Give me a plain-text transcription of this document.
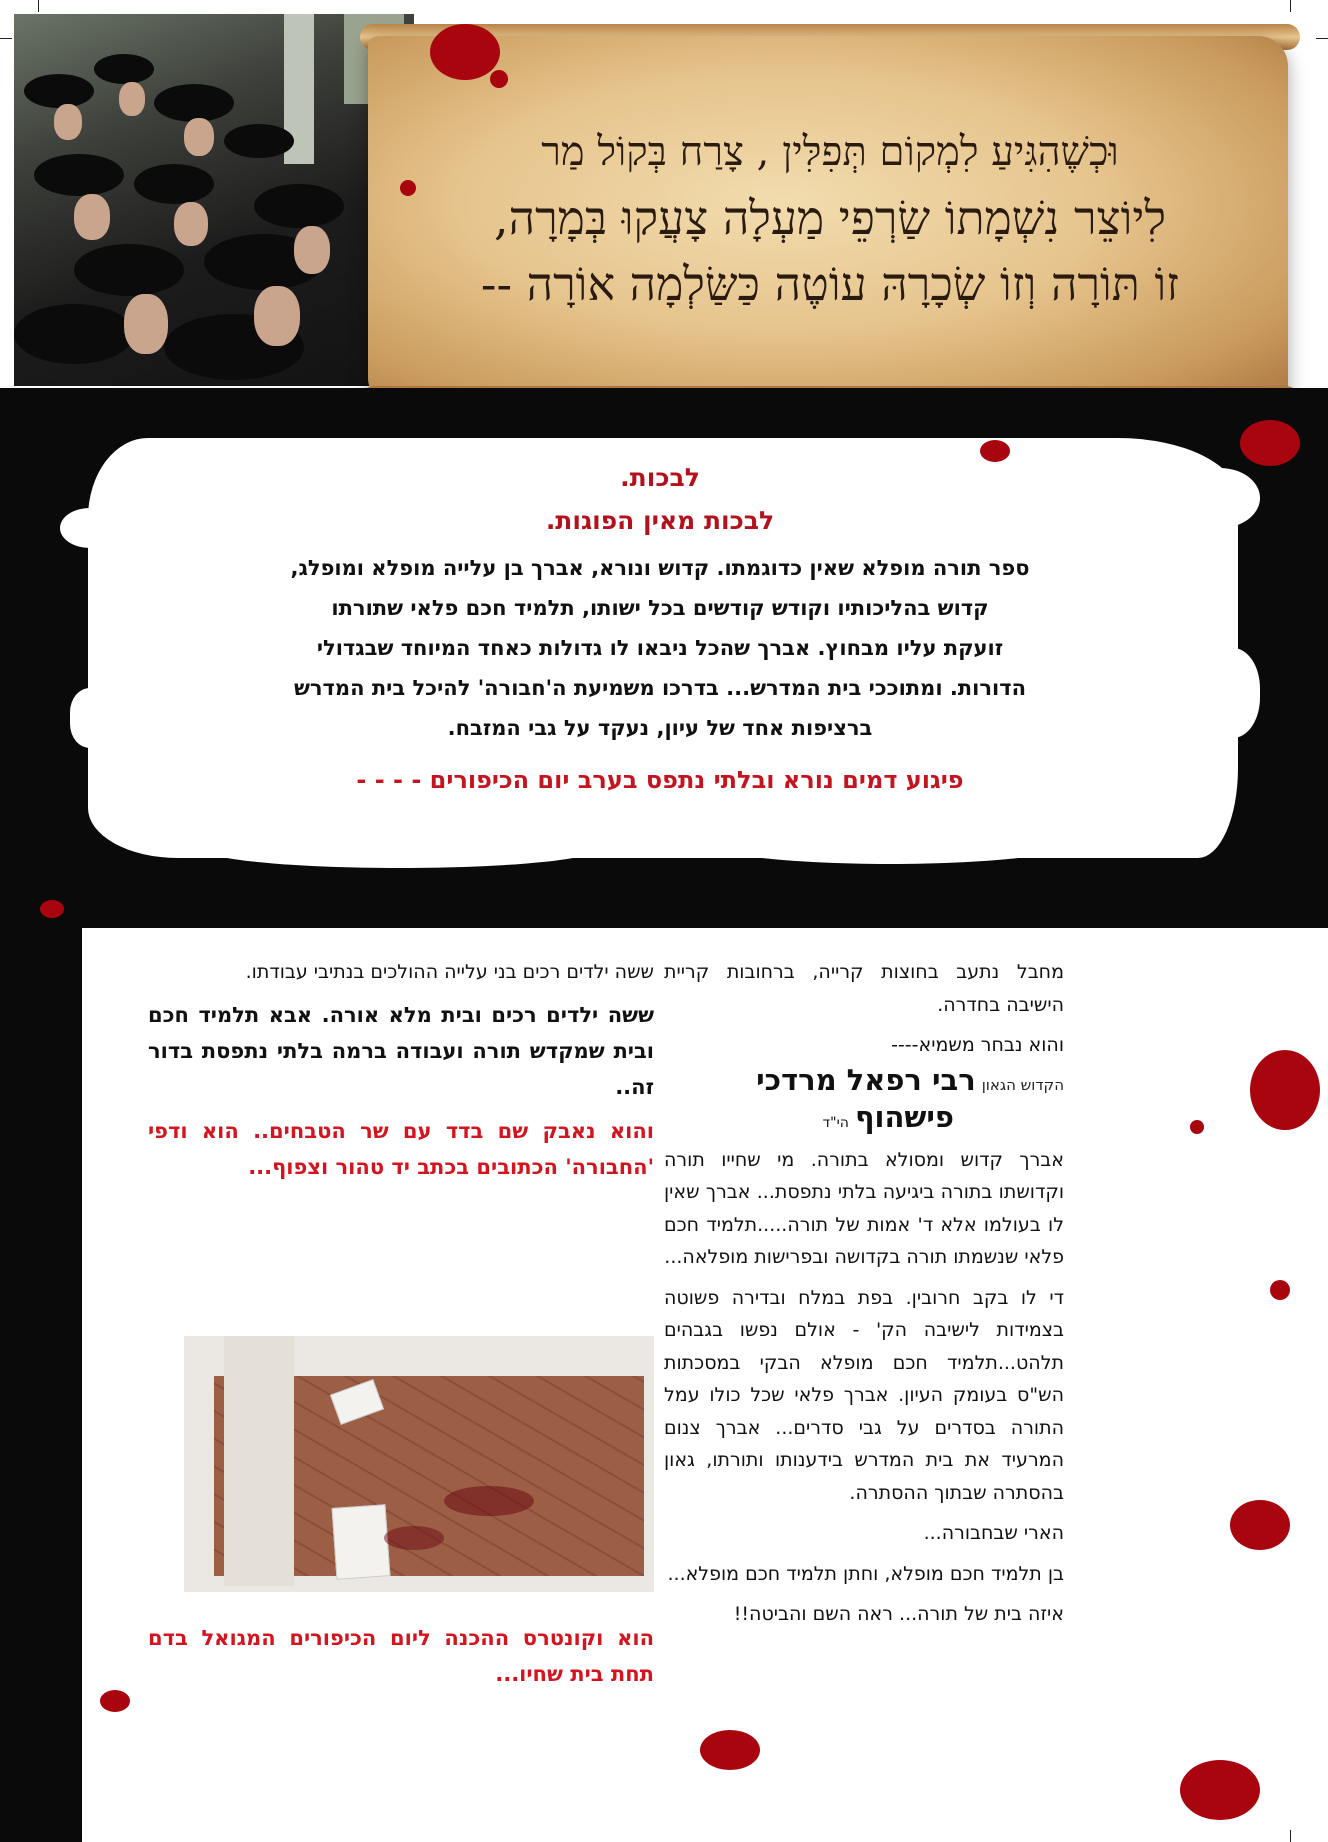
וּכְשֶׁהִגִּיעַ לִמְקוֹם תְּפִלִּין , צָרַח בְּקוֹל מַר
לִיוֹצֵר נִשְׁמָתוֹ שַׂרְפֵי מַעְלָה צָעֲקוּ בְּמָרָה,
זוֹ תּוֹרָה וְזוֹ שְׂכָרָהּ עוֹטֶה כַּשַּׂלְמָה אוֹרָה --
לבכות.
לבכות מאין הפוגות.
ספר תורה מופלא שאין כדוגמתו. קדוש ונורא, אברך בן עלייה מופלא ומופלג,
קדוש בהליכותיו וקודש קודשים בכל ישותו, תלמיד חכם פלאי שתורתו
זועקת עליו מבחוץ. אברך שהכל ניבאו לו גדולות כאחד המיוחד שבגדולי
הדורות. ומתוככי בית המדרש... בדרכו משמיעת ה'חבורה' להיכל בית המדרש
ברציפות אחד של עיון, נעקד על גבי המזבח.
פיגוע דמים נורא ובלתי נתפס בערב יום הכיפורים - - - -

מחבל נתעב בחוצות קרייה, ברחובות קריית הישיבה בחדרה.

והוא נבחר משמיא----

הקדוש הגאון רבי רפאל מרדכי
פישהוף הי"ד

אברך קדוש ומסולא בתורה. מי שחייו תורה וקדושתו בתורה ביגיעה בלתי נתפסת... אברך שאין לו בעולמו אלא ד' אמות של תורה.....תלמיד חכם פלאי שנשמתו תורה בקדושה ובפרישות מופלאה...

די לו בקב חרובין. בפת במלח ובדירה פשוטה בצמידות לישיבה הק' - אולם נפשו בגבהים תלהט...תלמיד חכם מופלא הבקי במסכתות הש"ס בעומק העיון. אברך פלאי שכל כולו עמל התורה בסדרים על גבי סדרים... אברך צנום המרעיד את בית המדרש בידענותו ותורתו, גאון בהסתרה שבתוך ההסתרה.

הארי שבחבורה...

בן תלמיד חכם מופלא, וחתן תלמיד חכם מופלא...

איזה בית של תורה... ראה השם והביטה!!

ששה ילדים רכים בני עלייה ההולכים בנתיבי עבודתו.

ששה ילדים רכים ובית מלא אורה. אבא תלמיד חכם ובית שמקדש תורה ועבודה ברמה בלתי נתפסת בדור זה..

והוא נאבק שם בדד עם שר הטבחים.. הוא ודפי 'החבורה' הכתובים בכתב יד טהור וצפוף...

הוא וקונטרס ההכנה ליום הכיפורים המגואל בדם תחת בית שחיו...
